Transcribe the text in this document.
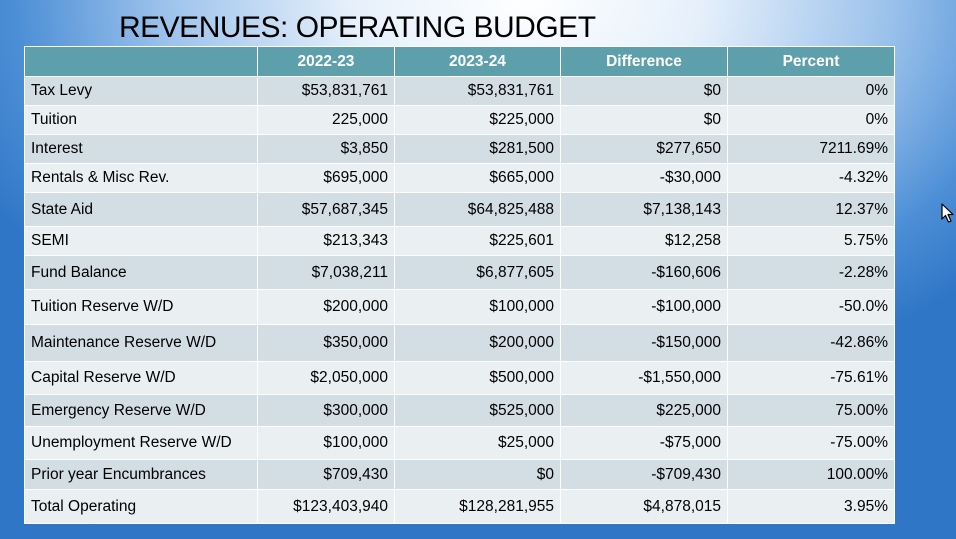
REVENUES: OPERATING BUDGET
	2022-23	2023-24	Difference	Percent
Tax Levy	$53,831,761	$53,831,761	$0	0%
Tuition	225,000	$225,000	$0	0%
Interest	$3,850	$281,500	$277,650	7211.69%
Rentals & Misc Rev.	$695,000	$665,000	-$30,000	-4.32%
State Aid	$57,687,345	$64,825,488	$7,138,143	12.37%
SEMI	$213,343	$225,601	$12,258	5.75%
Fund Balance	$7,038,211	$6,877,605	-$160,606	-2.28%
Tuition Reserve W/D	$200,000	$100,000	-$100,000	-50.0%
Maintenance Reserve W/D	$350,000	$200,000	-$150,000	-42.86%
Capital Reserve W/D	$2,050,000	$500,000	-$1,550,000	-75.61%
Emergency Reserve W/D	$300,000	$525,000	$225,000	75.00%
Unemployment Reserve W/D	$100,000	$25,000	-$75,000	-75.00%
Prior year Encumbrances	$709,430	$0	-$709,430	100.00%
Total Operating	$123,403,940	$128,281,955	$4,878,015	3.95%
